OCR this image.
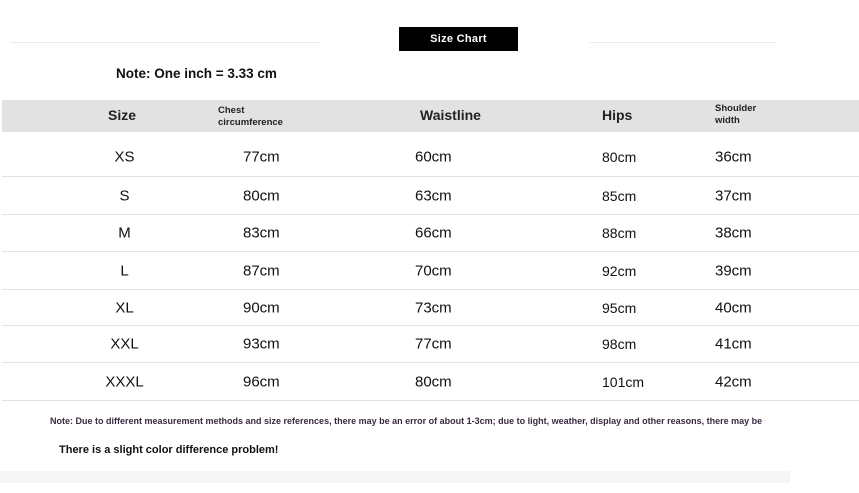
Size Chart
Note: One inch = 3.33 cm
Size	Chest circumference	Waistline	Hips	Shoulder width
XS	77cm	60cm	80cm	36cm
S	80cm	63cm	85cm	37cm
M	83cm	66cm	88cm	38cm
L	87cm	70cm	92cm	39cm
XL	90cm	73cm	95cm	40cm
XXL	93cm	77cm	98cm	41cm
XXXL	96cm	80cm	101cm	42cm
Note: Due to different measurement methods and size references, there may be an error of about 1-3cm; due to light, weather, display and other reasons, there may be
There is a slight color difference problem!
